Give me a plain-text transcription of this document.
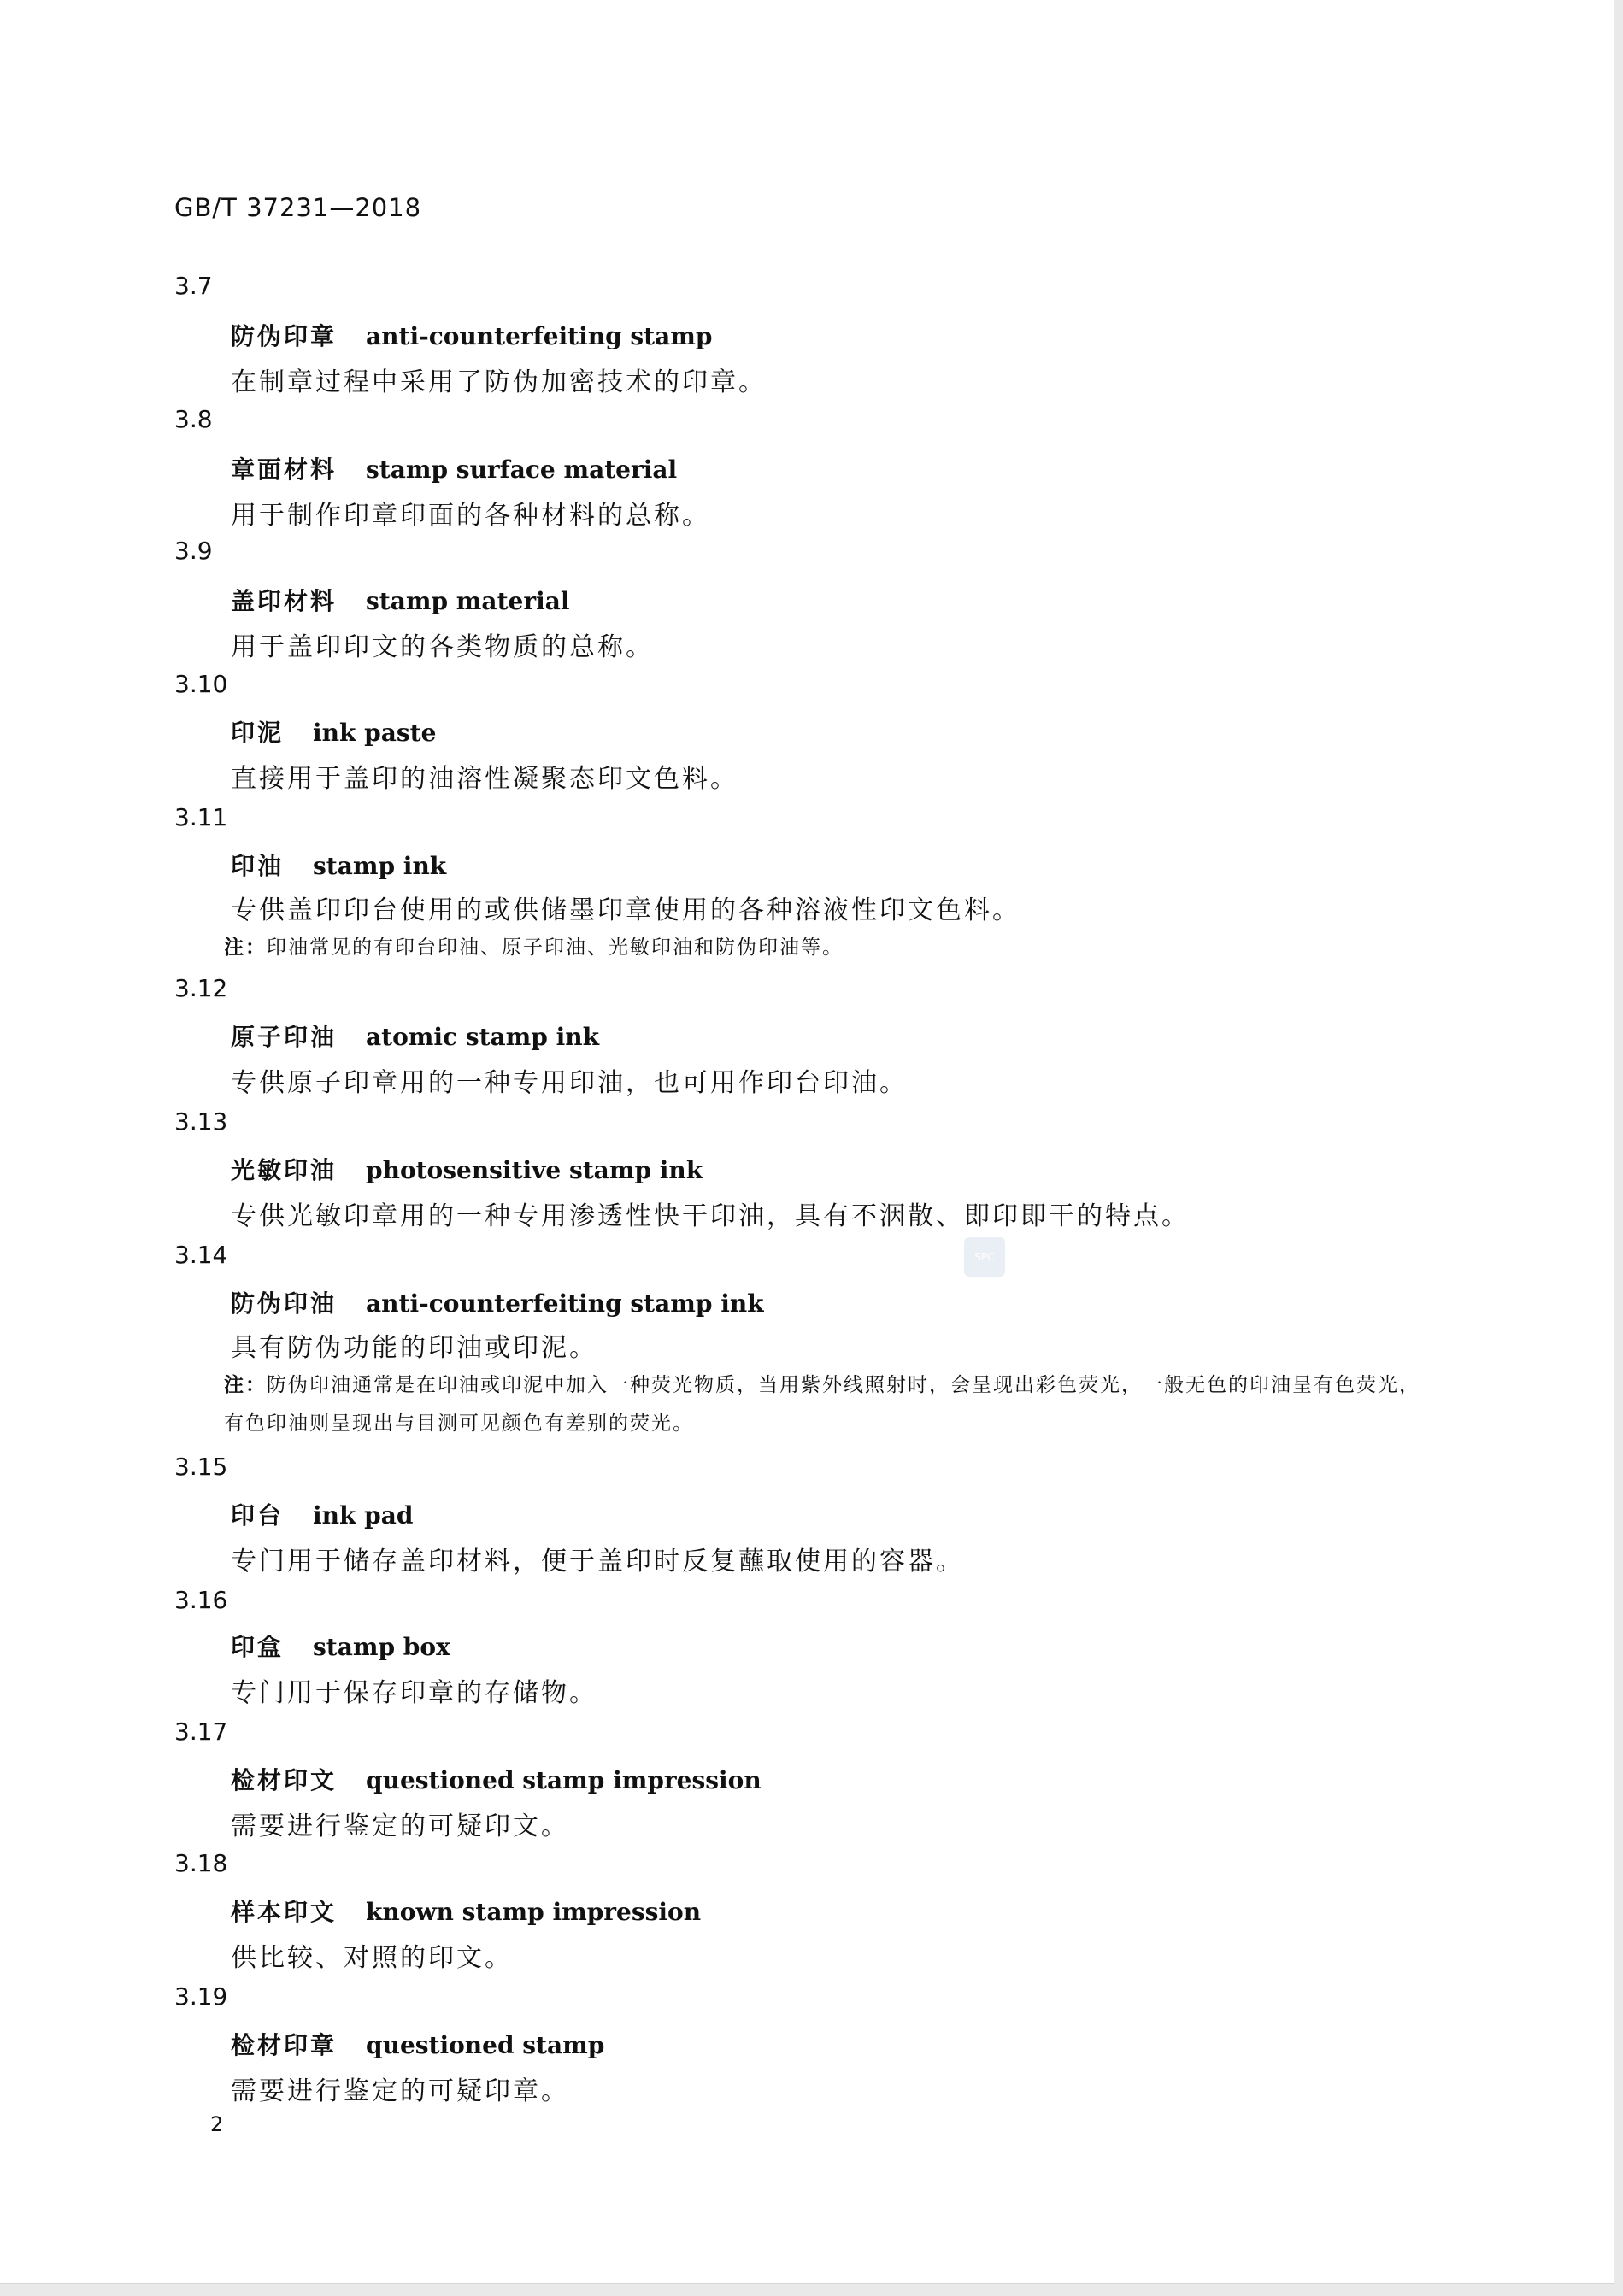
GB/T 37231—2018
3.7
防伪印章 anti-counterfeiting stamp
在制章过程中采用了防伪加密技术的印章。
3.8
章面材料 stamp surface material
用于制作印章印面的各种材料的总称。
3.9
盖印材料 stamp material
用于盖印印文的各类物质的总称。
3.10
印泥 ink paste
直接用于盖印的油溶性凝聚态印文色料。
3.11
印油 stamp ink
专供盖印印台使用的或供储墨印章使用的各种溶液性印文色料。
注：印油常见的有印台印油、原子印油、光敏印油和防伪印油等。
3.12
原子印油 atomic stamp ink
专供原子印章用的一种专用印油，也可用作印台印油。
3.13
光敏印油 photosensitive stamp ink
专供光敏印章用的一种专用渗透性快干印油，具有不洇散、即印即干的特点。
3.14
防伪印油 anti-counterfeiting stamp ink
具有防伪功能的印油或印泥。
注：防伪印油通常是在印油或印泥中加入一种荧光物质，当用紫外线照射时，会呈现出彩色荧光，一般无色的印油呈有色荧光，有色印油则呈现出与目测可见颜色有差别的荧光。
3.15
印台 ink pad
专门用于储存盖印材料，便于盖印时反复蘸取使用的容器。
3.16
印盒 stamp box
专门用于保存印章的存储物。
3.17
检材印文 questioned stamp impression
需要进行鉴定的可疑印文。
3.18
样本印文 known stamp impression
供比较、对照的印文。
3.19
检材印章 questioned stamp
需要进行鉴定的可疑印章。
SPC
2
